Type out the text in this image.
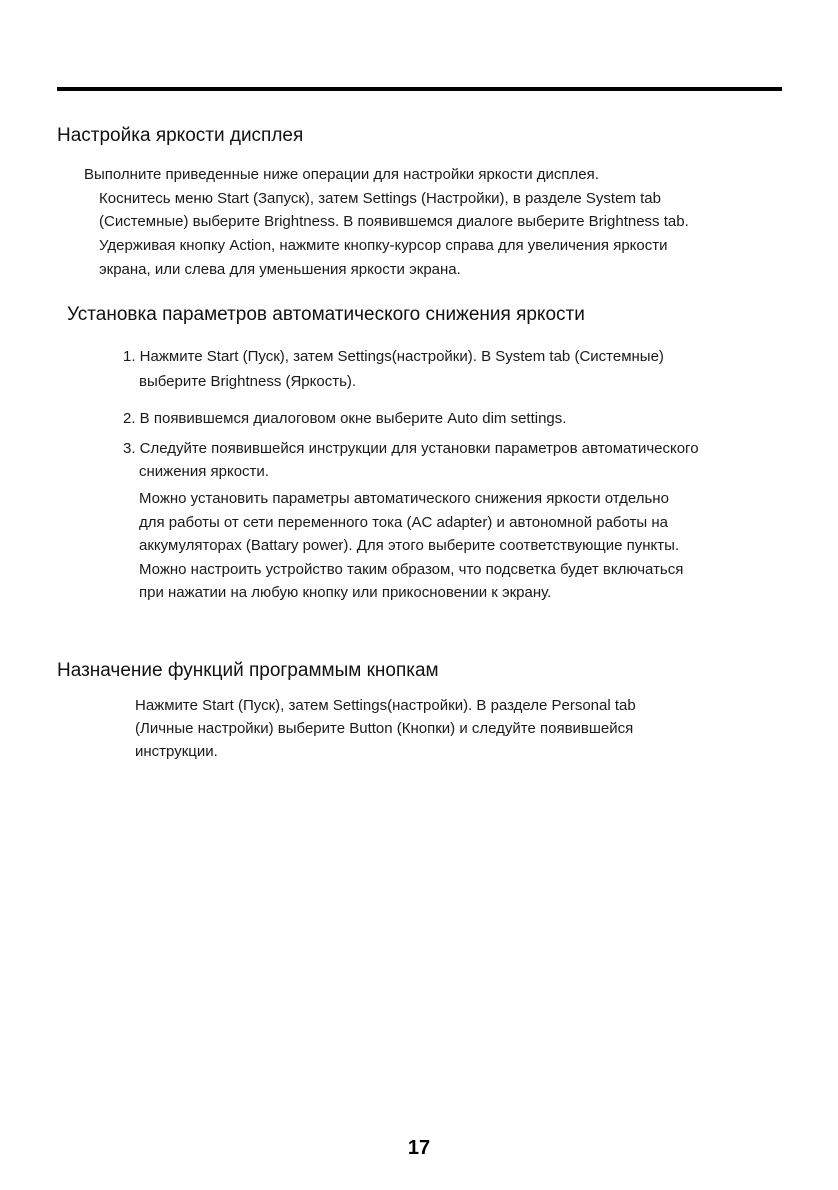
Настройка яркости дисплея

Выполните приведенные ниже операции для настройки яркости дисплея.

Коснитесь меню Start (Запуск), затем Settings (Настройки), в разделе System tab

(Системные) выберите Brightness. В появившемся диалоге выберите Brightness tab.

Удерживая кнопку Action, нажмите кнопку-курсор справа для увеличения яркости

экрана, или слева для уменьшения яркости экрана.

Установка параметров автоматического снижения яркости

1. Нажмите Start (Пуск), затем Settings(настройки). В System tab (Системные)

выберите Brightness (Яркость).

2. В появившемся диалоговом окне выберите Auto dim settings.

3. Следуйте появившейся инструкции для установки параметров автоматического

снижения яркости.

Можно установить параметры автоматического снижения яркости отдельно

для работы от сети переменного тока (AC adapter) и автономной работы на

аккумуляторах (Battary power). Для этого выберите соответствующие пункты.

Можно настроить устройство таким образом, что подсветка будет включаться

при нажатии на любую кнопку или прикосновении к экрану.

Назначение функций программым кнопкам

Нажмите Start (Пуск), затем Settings(настройки). В разделе Personal tab

(Личные настройки) выберите Button (Кнопки) и следуйте появившейся

инструкции.

17
